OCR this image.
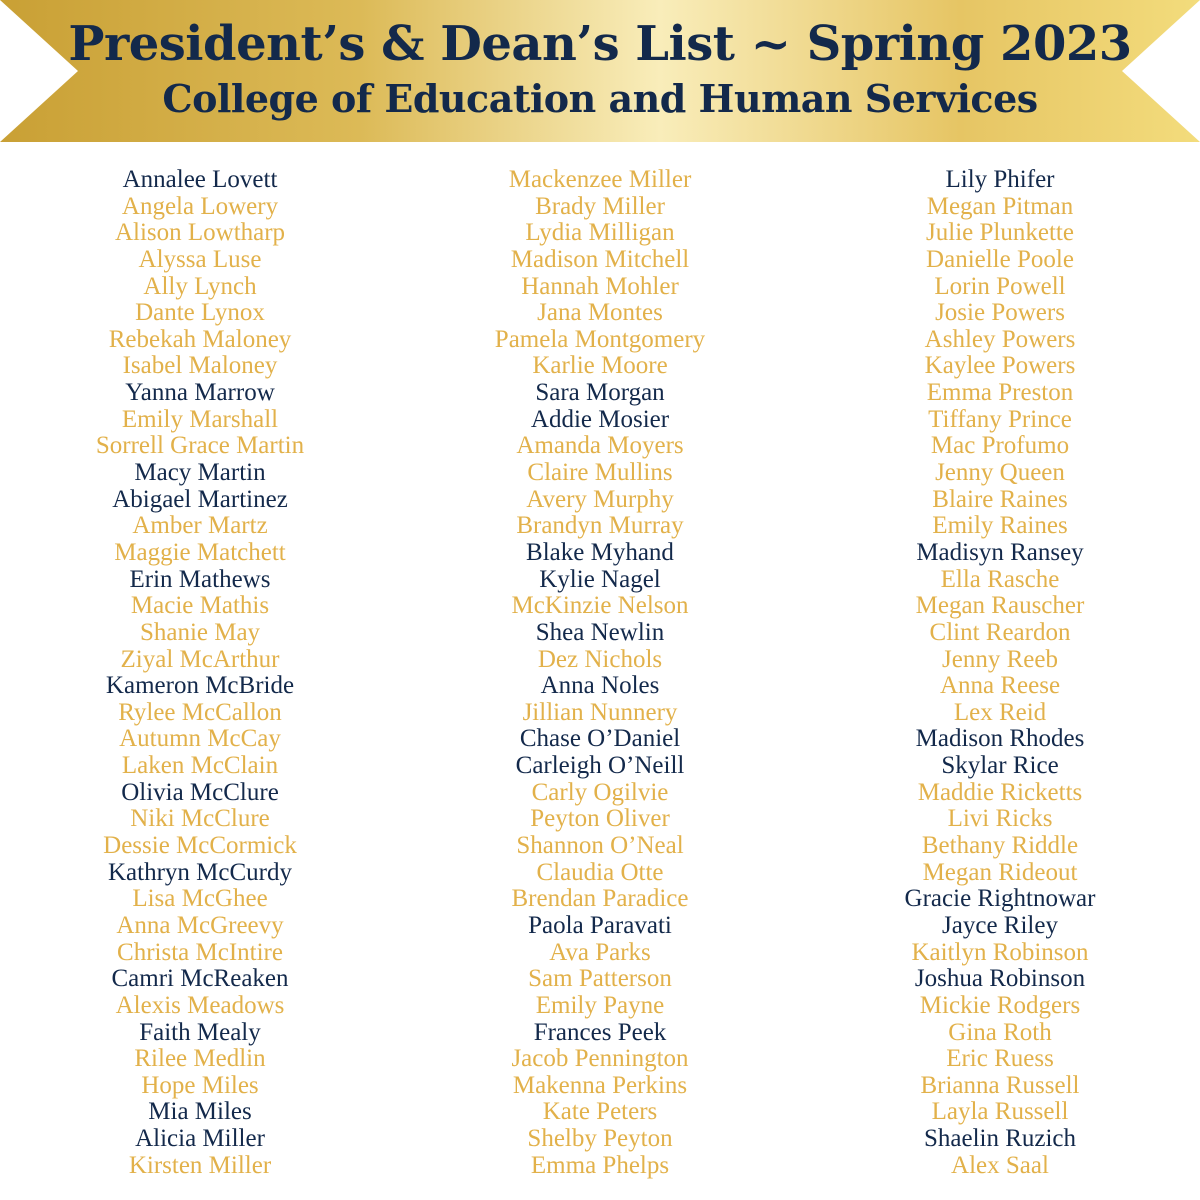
President’s & Dean’s List ~ Spring 2023
College of Education and Human Services
Annalee Lovett
Angela Lowery
Alison Lowtharp
Alyssa Luse
Ally Lynch
Dante Lynox
Rebekah Maloney
Isabel Maloney
Yanna Marrow
Emily Marshall
Sorrell Grace Martin
Macy Martin
Abigael Martinez
Amber Martz
Maggie Matchett
Erin Mathews
Macie Mathis
Shanie May
Ziyal McArthur
Kameron McBride
Rylee McCallon
Autumn McCay
Laken McClain
Olivia McClure
Niki McClure
Dessie McCormick
Kathryn McCurdy
Lisa McGhee
Anna McGreevy
Christa McIntire
Camri McReaken
Alexis Meadows
Faith Mealy
Rilee Medlin
Hope Miles
Mia Miles
Alicia Miller
Kirsten Miller
Mackenzee Miller
Brady Miller
Lydia Milligan
Madison Mitchell
Hannah Mohler
Jana Montes
Pamela Montgomery
Karlie Moore
Sara Morgan
Addie Mosier
Amanda Moyers
Claire Mullins
Avery Murphy
Brandyn Murray
Blake Myhand
Kylie Nagel
McKinzie Nelson
Shea Newlin
Dez Nichols
Anna Noles
Jillian Nunnery
Chase O’Daniel
Carleigh O’Neill
Carly Ogilvie
Peyton Oliver
Shannon O’Neal
Claudia Otte
Brendan Paradice
Paola Paravati
Ava Parks
Sam Patterson
Emily Payne
Frances Peek
Jacob Pennington
Makenna Perkins
Kate Peters
Shelby Peyton
Emma Phelps
Lily Phifer
Megan Pitman
Julie Plunkette
Danielle Poole
Lorin Powell
Josie Powers
Ashley Powers
Kaylee Powers
Emma Preston
Tiffany Prince
Mac Profumo
Jenny Queen
Blaire Raines
Emily Raines
Madisyn Ransey
Ella Rasche
Megan Rauscher
Clint Reardon
Jenny Reeb
Anna Reese
Lex Reid
Madison Rhodes
Skylar Rice
Maddie Ricketts
Livi Ricks
Bethany Riddle
Megan Rideout
Gracie Rightnowar
Jayce Riley
Kaitlyn Robinson
Joshua Robinson
Mickie Rodgers
Gina Roth
Eric Ruess
Brianna Russell
Layla Russell
Shaelin Ruzich
Alex Saal
